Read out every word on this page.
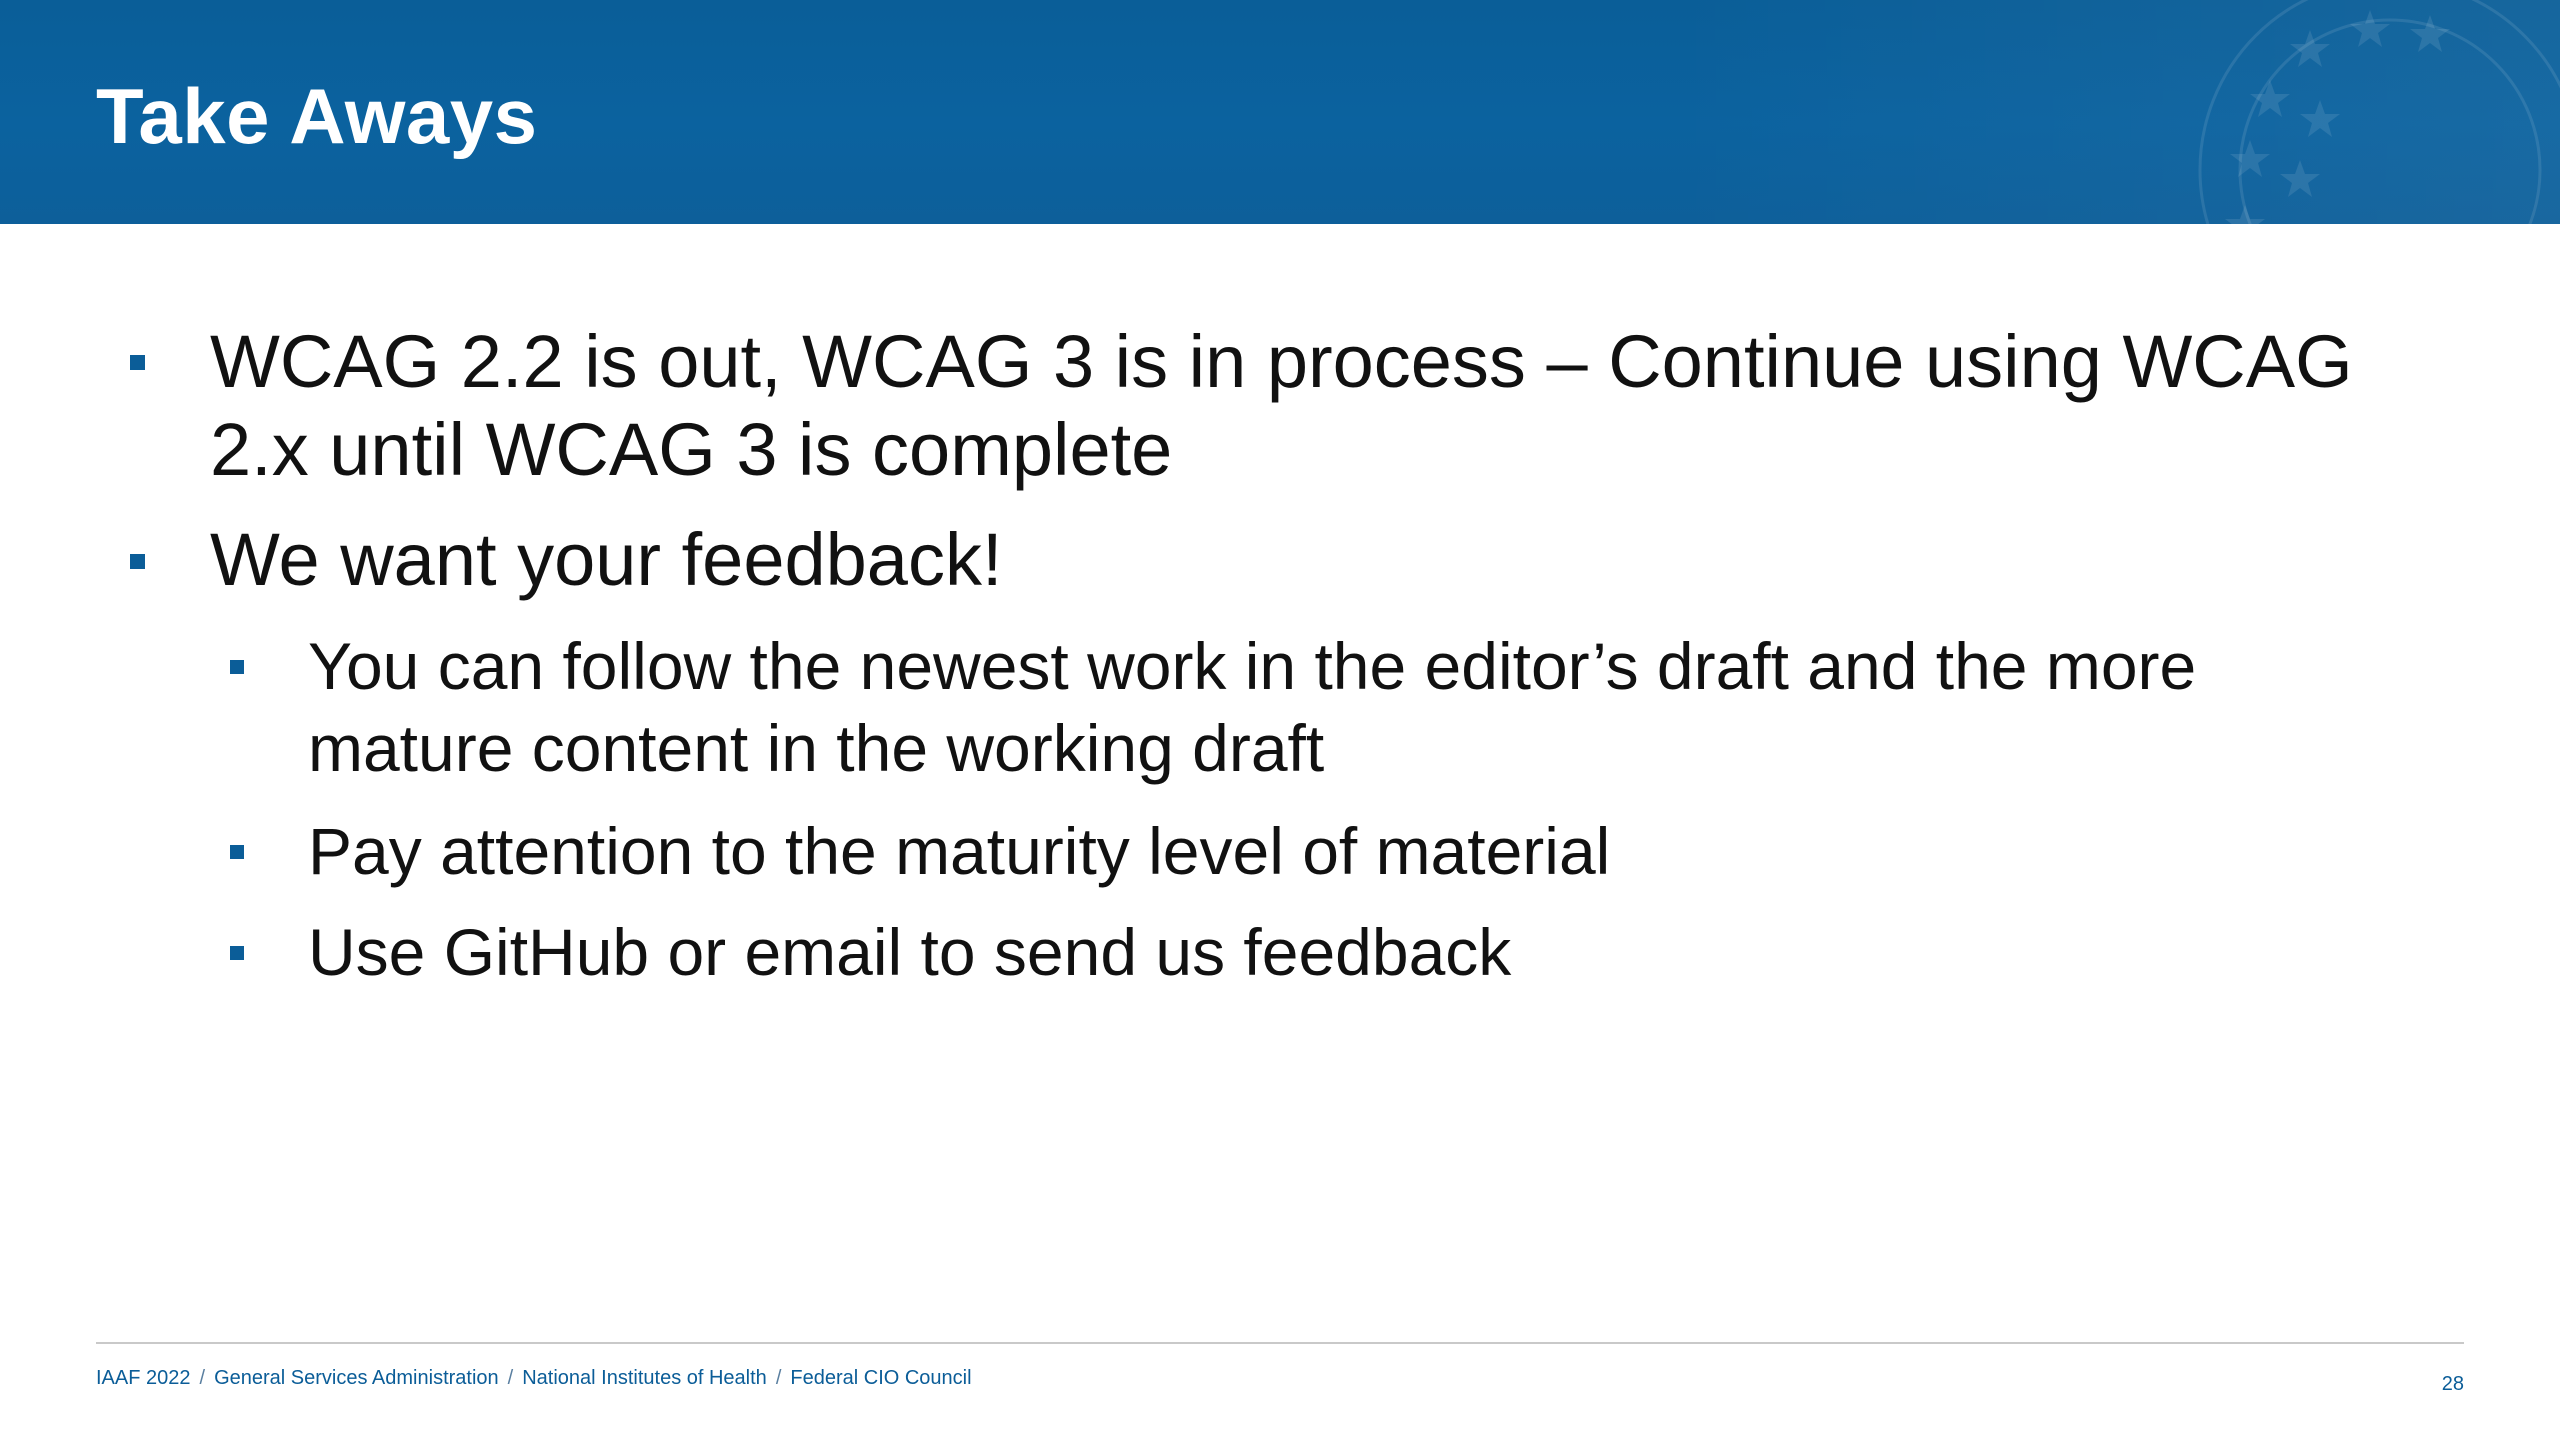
Take Aways
WCAG 2.2 is out, WCAG 3 is in process – Continue using WCAG 2.x until WCAG 3 is complete
We want your feedback!
You can follow the newest work in the editor’s draft and the more mature content in the working draft
Pay attention to the maturity level of material
Use GitHub or email to send us feedback
IAAF 2022 / General Services Administration / National Institutes of Health / Federal CIO Council	28
